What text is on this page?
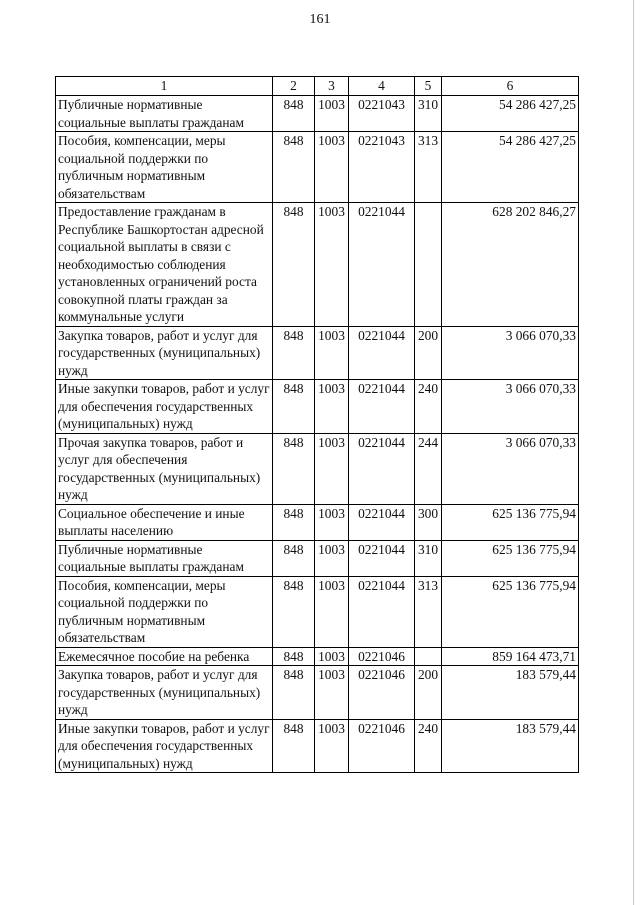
161
1	2	3	4	5	6
Публичные нормативные социальные выплаты гражданам	848	1003	0221043	310	54 286 427,25
Пособия, компенсации, меры социальной поддержки по публичным нормативным обязательствам	848	1003	0221043	313	54 286 427,25
Предоставление гражданам в Республике Башкортостан адресной социальной выплаты в связи с необходимостью соблюдения установленных ограничений роста совокупной платы граждан за коммунальные услуги	848	1003	0221044		628 202 846,27
Закупка товаров, работ и услуг для государственных (муниципальных) нужд	848	1003	0221044	200	3 066 070,33
Иные закупки товаров, работ и услуг для обеспечения государственных (муниципальных) нужд	848	1003	0221044	240	3 066 070,33
Прочая закупка товаров, работ и услуг для обеспечения государственных (муниципальных) нужд	848	1003	0221044	244	3 066 070,33
Социальное обеспечение и иные выплаты населению	848	1003	0221044	300	625 136 775,94
Публичные нормативные социальные выплаты гражданам	848	1003	0221044	310	625 136 775,94
Пособия, компенсации, меры социальной поддержки по публичным нормативным обязательствам	848	1003	0221044	313	625 136 775,94
Ежемесячное пособие на ребенка	848	1003	0221046		859 164 473,71
Закупка товаров, работ и услуг для государственных (муниципальных) нужд	848	1003	0221046	200	183 579,44
Иные закупки товаров, работ и услуг для обеспечения государственных (муниципальных) нужд	848	1003	0221046	240	183 579,44
